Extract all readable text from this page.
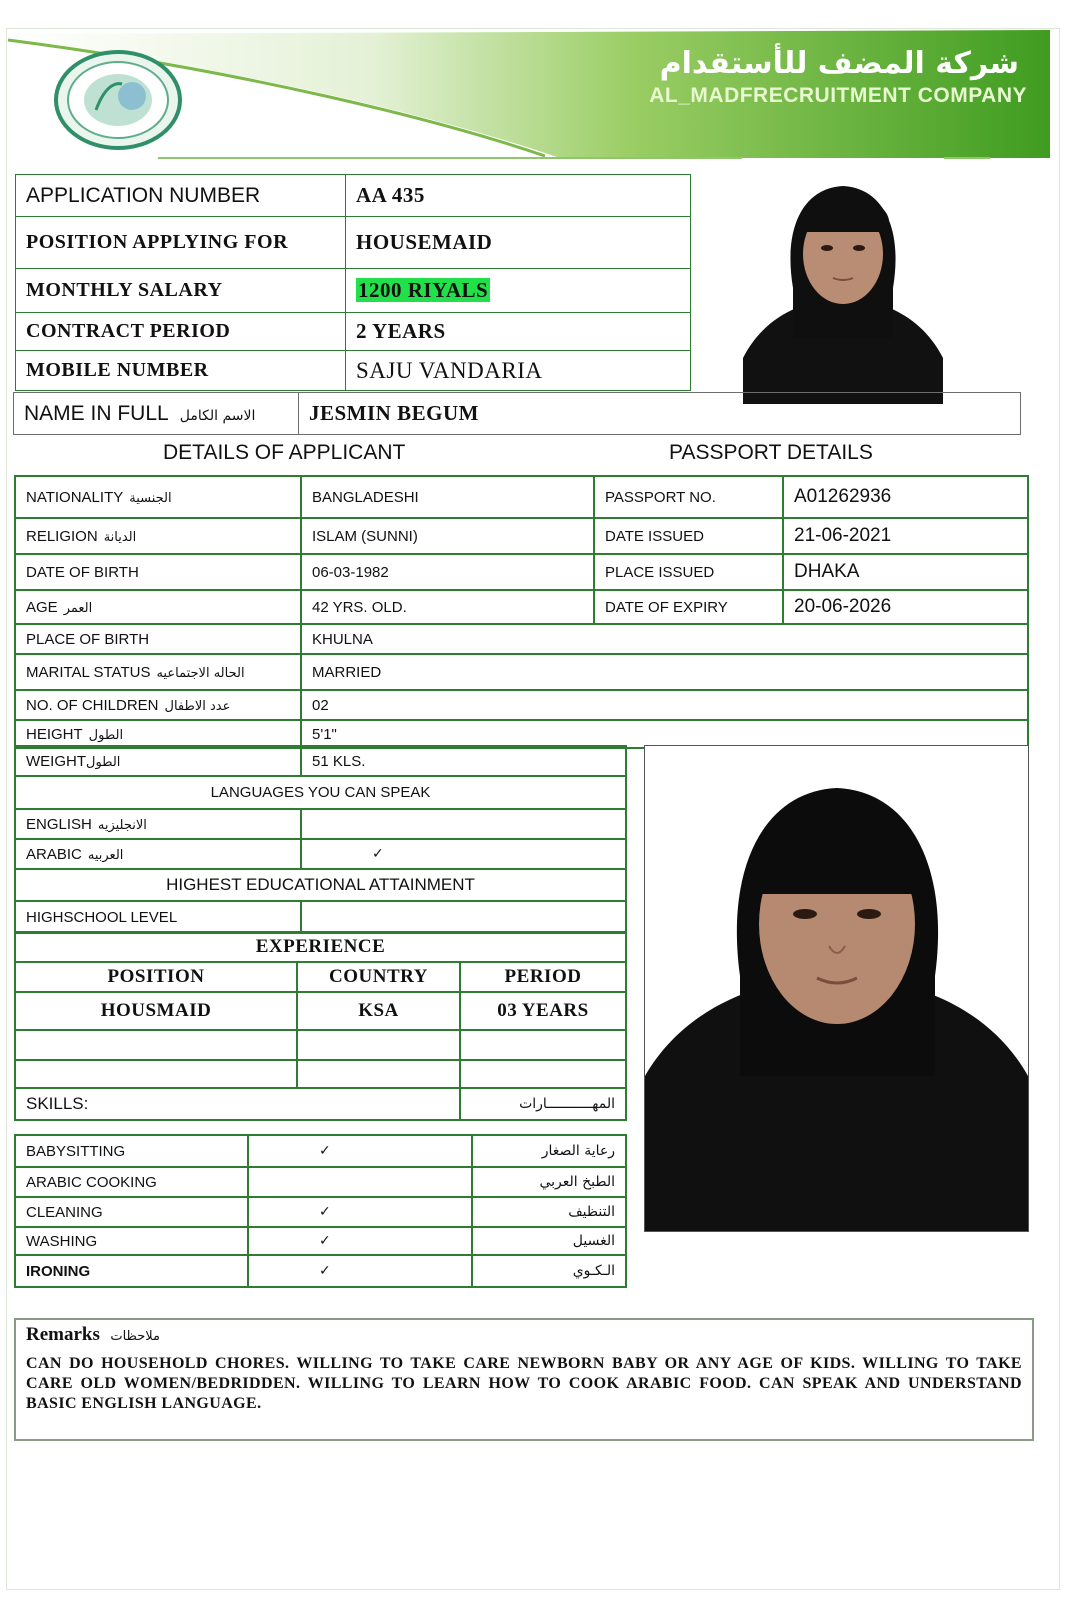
شركة المضف للأستقدام
AL_MADFRECRUITMENT COMPANY
APPLICATION NUMBER	AA 435
POSITION APPLYING FOR	HOUSEMAID
MONTHLY SALARY	1200 RIYALS
CONTRACT PERIOD	2 YEARS
MOBILE NUMBER	SAJU VANDARIA
NAME IN FULL الاسم الكامل	JESMIN BEGUM
DETAILS OF APPLICANT	PASSPORT DETAILS
NATIONALITY الجنسية	BANGLADESHI	PASSPORT NO.	A01262936
RELIGION الديانة	ISLAM (SUNNI)	DATE ISSUED	21-06-2021
DATE OF BIRTH	06-03-1982	PLACE ISSUED	DHAKA
AGE العمر	42 YRS. OLD.	DATE OF EXPIRY	20-06-2026
PLACE OF BIRTH	KHULNA		
MARITAL STATUS الحاله الاجتماعيه	MARRIED		
NO. OF CHILDREN عدد الاطفال	02		
HEIGHT الطول	5'1"		
WEIGHTالطول	51 KLS.
LANGUAGES YOU CAN SPEAK	
ENGLISH الانجليزيه	
ARABIC العربيه	✓
HIGHEST EDUCATIONAL ATTAINMENT	
HIGHSCHOOL LEVEL	
EXPERIENCE		
POSITION	COUNTRY	PERIOD
HOUSMAID	KSA	03 YEARS

SKILLS:		المهـــــــــــارات
BABYSITTING	✓	رعاية الصغار
ARABIC COOKING		الطبخ العربي
CLEANING	✓	التنظيف
WASHING	✓	الغسيل
IRONING	✓	الـكـوي
Remarks ملاحظات
CAN DO HOUSEHOLD CHORES. WILLING TO TAKE CARE NEWBORN BABY OR ANY AGE OF KIDS. WILLING TO TAKE CARE OLD WOMEN/BEDRIDDEN. WILLING TO LEARN HOW TO COOK ARABIC FOOD. CAN SPEAK AND UNDERSTAND BASIC ENGLISH LANGUAGE.
